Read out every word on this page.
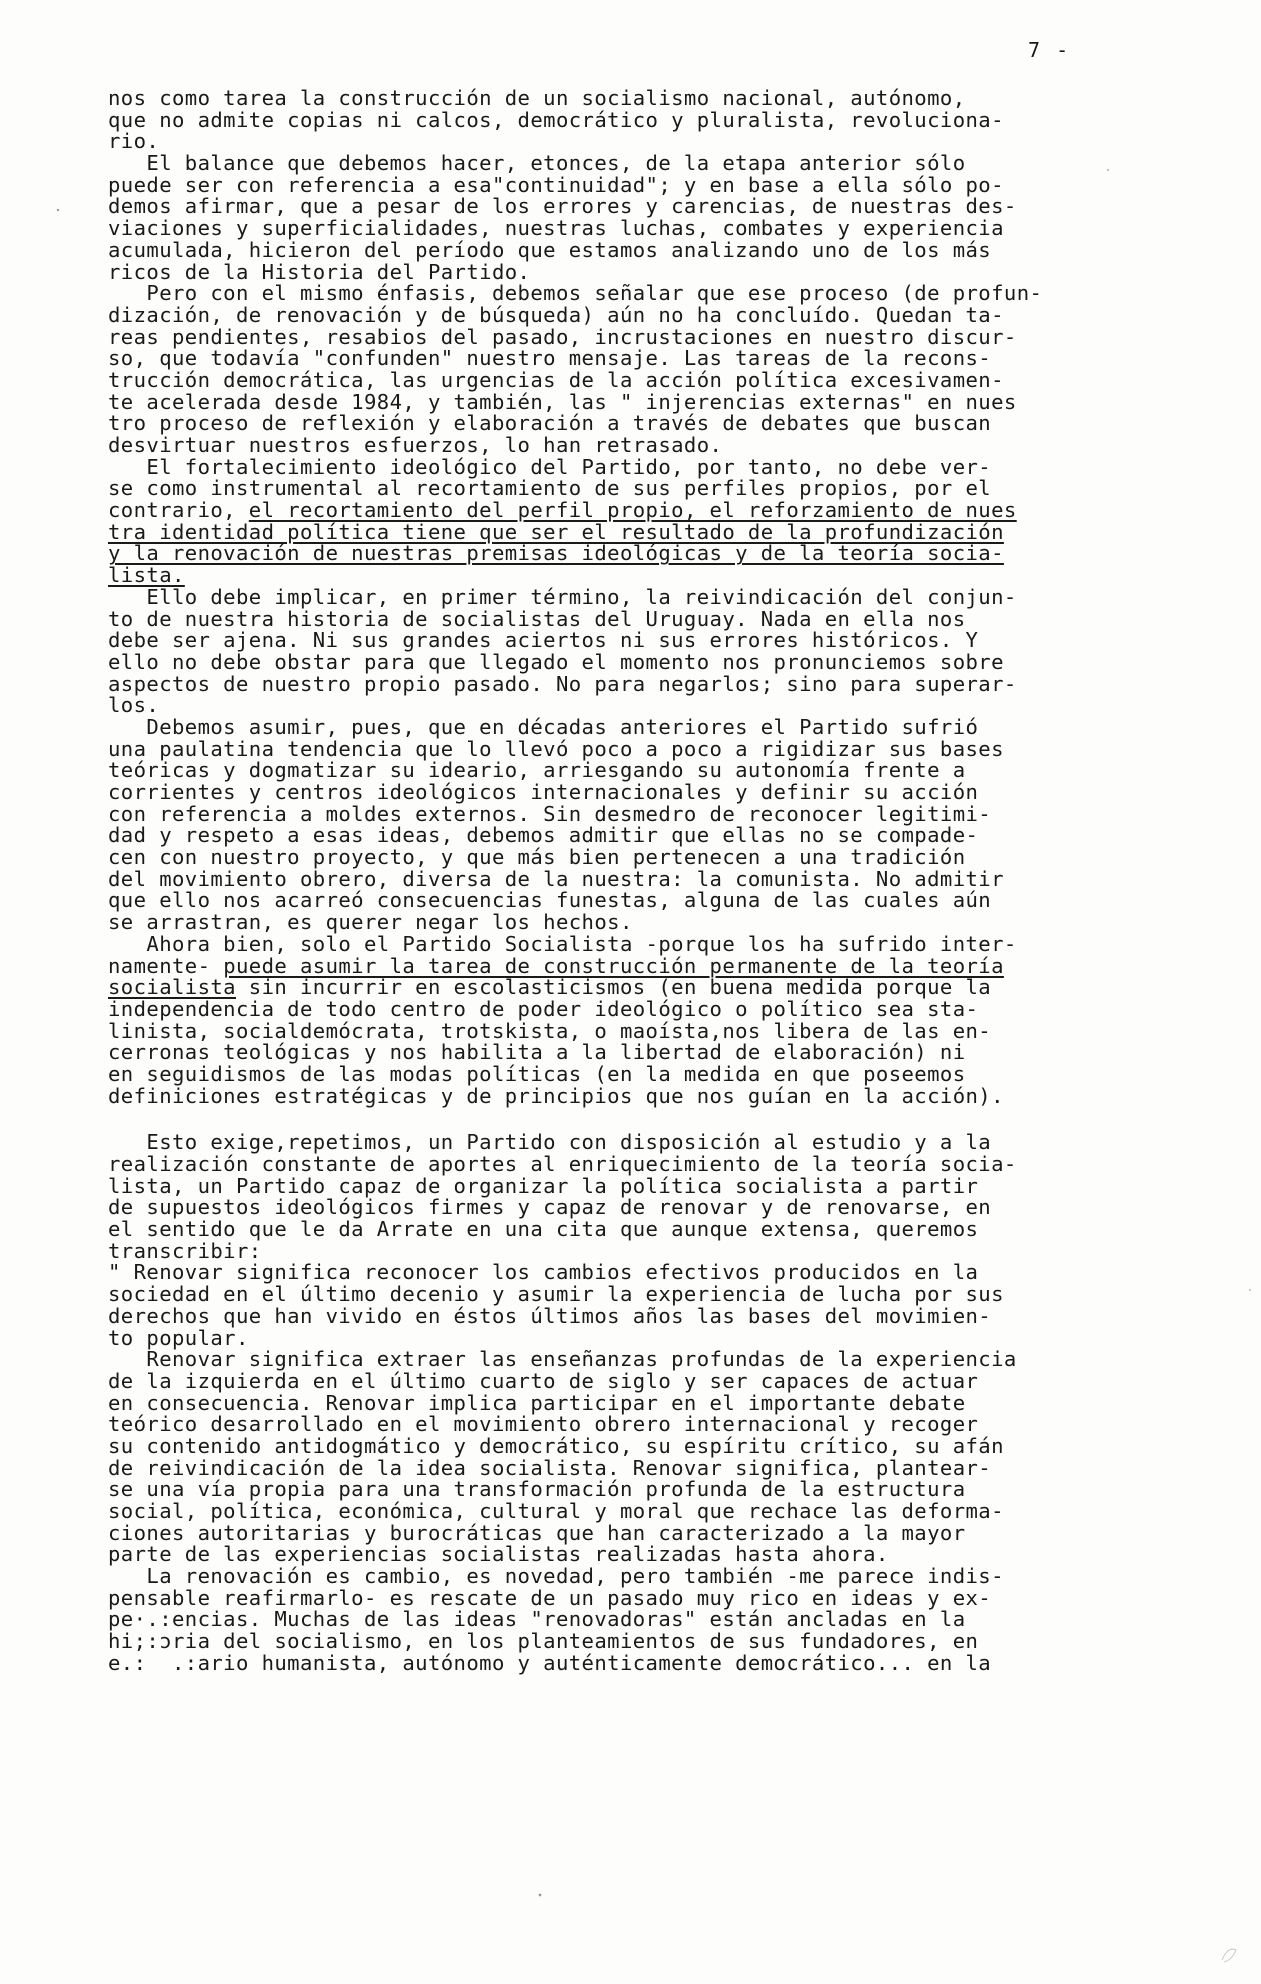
7 -
nos como tarea la construcción de un socialismo nacional, autónomo,
que no admite copias ni calcos, democrático y pluralista, revoluciona-
rio.
El balance que debemos hacer, etonces, de la etapa anterior sólo
puede ser con referencia a esa"continuidad"; y en base a ella sólo po-
demos afirmar, que a pesar de los errores y carencias, de nuestras des-
viaciones y superficialidades, nuestras luchas, combates y experiencia
acumulada, hicieron del período que estamos analizando uno de los más
ricos de la Historia del Partido.
Pero con el mismo énfasis, debemos señalar que ese proceso (de profun-
dización, de renovación y de búsqueda) aún no ha concluído. Quedan ta-
reas pendientes, resabios del pasado, incrustaciones en nuestro discur-
so, que todavía "confunden" nuestro mensaje. Las tareas de la recons-
trucción democrática, las urgencias de la acción política excesivamen-
te acelerada desde 1984, y también, las " injerencias externas" en nues
tro proceso de reflexión y elaboración a través de debates que buscan
desvirtuar nuestros esfuerzos, lo han retrasado.
El fortalecimiento ideológico del Partido, por tanto, no debe ver-
se como instrumental al recortamiento de sus perfiles propios, por el
contrario, el recortamiento del perfil propio, el reforzamiento de nues
tra identidad política tiene que ser el resultado de la profundización
y la renovación de nuestras premisas ideológicas y de la teoría socia-
lista.
Ello debe implicar, en primer término, la reivindicación del conjun-
to de nuestra historia de socialistas del Uruguay. Nada en ella nos
debe ser ajena. Ni sus grandes aciertos ni sus errores históricos. Y
ello no debe obstar para que llegado el momento nos pronunciemos sobre
aspectos de nuestro propio pasado. No para negarlos; sino para superar-
los.
Debemos asumir, pues, que en décadas anteriores el Partido sufrió
una paulatina tendencia que lo llevó poco a poco a rigidizar sus bases
teóricas y dogmatizar su ideario, arriesgando su autonomía frente a
corrientes y centros ideológicos internacionales y definir su acción
con referencia a moldes externos. Sin desmedro de reconocer legitimi-
dad y respeto a esas ideas, debemos admitir que ellas no se compade-
cen con nuestro proyecto, y que más bien pertenecen a una tradición
del movimiento obrero, diversa de la nuestra: la comunista. No admitir
que ello nos acarreó consecuencias funestas, alguna de las cuales aún
se arrastran, es querer negar los hechos.
Ahora bien, solo el Partido Socialista -porque los ha sufrido inter-
namente- puede asumir la tarea de construcción permanente de la teoría
socialista sin incurrir en escolasticismos (en buena medida porque la
independencia de todo centro de poder ideológico o político sea sta-
linista, socialdemócrata, trotskista, o maoísta,nos libera de las en-
cerronas teológicas y nos habilita a la libertad de elaboración) ni
en seguidismos de las modas políticas (en la medida en que poseemos
definiciones estratégicas y de principios que nos guían en la acción).
Esto exige,repetimos, un Partido con disposición al estudio y a la
realización constante de aportes al enriquecimiento de la teoría socia-
lista, un Partido capaz de organizar la política socialista a partir
de supuestos ideológicos firmes y capaz de renovar y de renovarse, en
el sentido que le da Arrate en una cita que aunque extensa, queremos
transcribir:
" Renovar significa reconocer los cambios efectivos producidos en la
sociedad en el último decenio y asumir la experiencia de lucha por sus
derechos que han vivido en éstos últimos años las bases del movimien-
to popular.
Renovar significa extraer las enseñanzas profundas de la experiencia
de la izquierda en el último cuarto de siglo y ser capaces de actuar
en consecuencia. Renovar implica participar en el importante debate
teórico desarrollado en el movimiento obrero internacional y recoger
su contenido antidogmático y democrático, su espíritu crítico, su afán
de reivindicación de la idea socialista. Renovar significa, plantear-
se una vía propia para una transformación profunda de la estructura
social, política, económica, cultural y moral que rechace las deforma-
ciones autoritarias y burocráticas que han caracterizado a la mayor
parte de las experiencias socialistas realizadas hasta ahora.
La renovación es cambio, es novedad, pero también -me parece indis-
pensable reafirmarlo- es rescate de un pasado muy rico en ideas y ex-
pe·.:encias. Muchas de las ideas "renovadoras" están ancladas en la
hi;:ɔria del socialismo, en los planteamientos de sus fundadores, en
e.:  .:ario humanista, autónomo y auténticamente democrático... en la
